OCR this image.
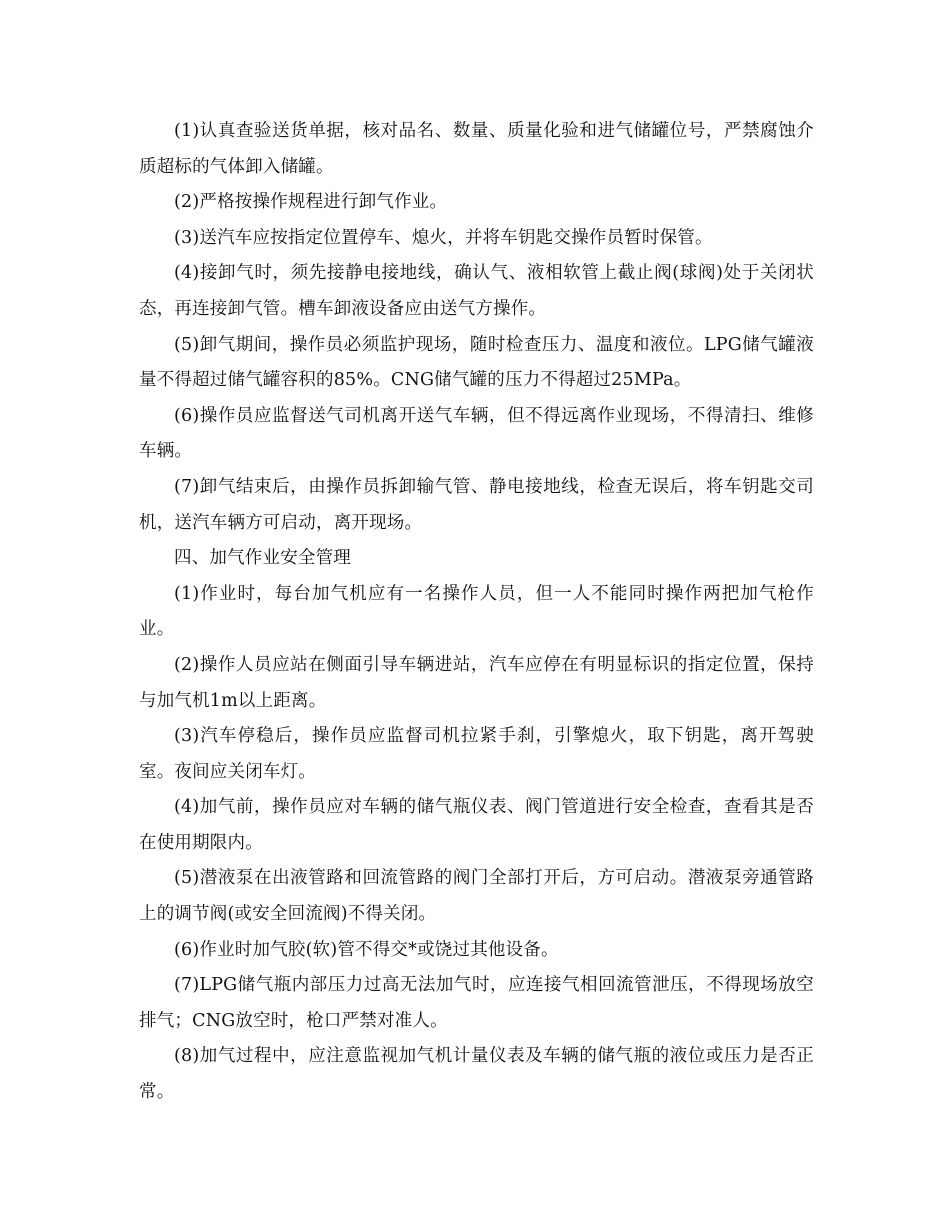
(1)认真查验送货单据，核对品名、数量、质量化验和进气储罐位号，严禁腐蚀介质超标的气体卸入储罐。

(2)严格按操作规程进行卸气作业。

(3)送汽车应按指定位置停车、熄火，并将车钥匙交操作员暂时保管。

(4)接卸气时，须先接静电接地线，确认气、液相软管上截止阀(球阀)处于关闭状态，再连接卸气管。槽车卸液设备应由送气方操作。

(5)卸气期间，操作员必须监护现场，随时检查压力、温度和液位。LPG储气罐液量不得超过储气罐容积的85%。CNG储气罐的压力不得超过25MPa。

(6)操作员应监督送气司机离开送气车辆，但不得远离作业现场，不得清扫、维修车辆。

(7)卸气结束后，由操作员拆卸输气管、静电接地线，检查无误后，将车钥匙交司机，送汽车辆方可启动，离开现场。

四、加气作业安全管理

(1)作业时，每台加气机应有一名操作人员，但一人不能同时操作两把加气枪作业。

(2)操作人员应站在侧面引导车辆进站，汽车应停在有明显标识的指定位置，保持与加气机1m以上距离。

(3)汽车停稳后，操作员应监督司机拉紧手刹，引擎熄火，取下钥匙，离开驾驶室。夜间应关闭车灯。

(4)加气前，操作员应对车辆的储气瓶仪表、阀门管道进行安全检查，查看其是否在使用期限内。

(5)潜液泵在出液管路和回流管路的阀门全部打开后，方可启动。潜液泵旁通管路上的调节阀(或安全回流阀)不得关闭。

(6)作业时加气胶(软)管不得交*或饶过其他设备。

(7)LPG储气瓶内部压力过高无法加气时，应连接气相回流管泄压，不得现场放空排气；CNG放空时，枪口严禁对准人。

(8)加气过程中，应注意监视加气机计量仪表及车辆的储气瓶的液位或压力是否正常。
